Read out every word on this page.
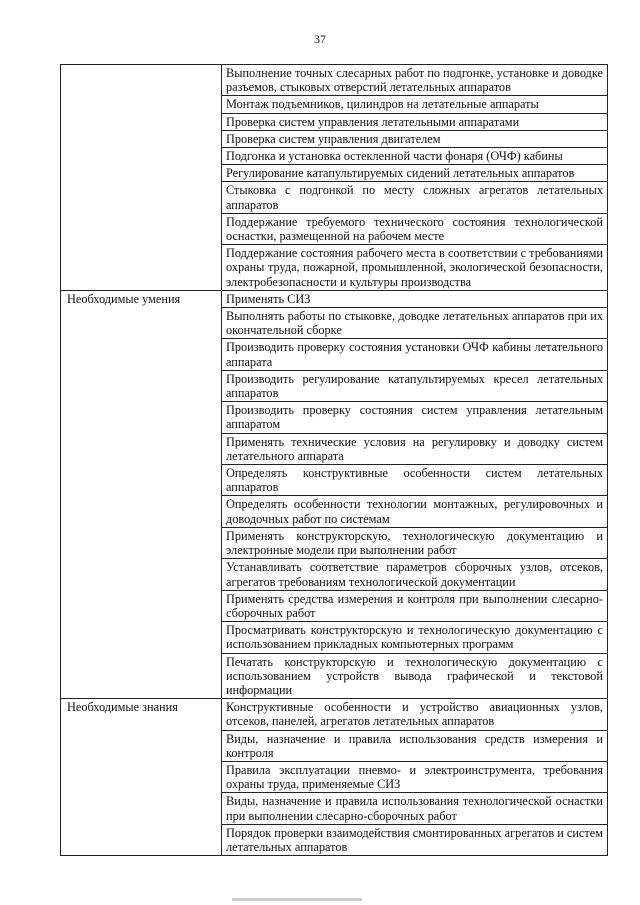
37
	Выполнение точных слесарных работ по подгонке, установке и доводке разъемов, стыковых отверстий летательных аппаратов
	Монтаж подъемников, цилиндров на летательные аппараты
	Проверка систем управления летательными аппаратами
	Проверка систем управления двигателем
	Подгонка и установка остекленной части фонаря (ОЧФ) кабины
	Регулирование катапультируемых сидений летательных аппаратов
	Стыковка с подгонкой по месту сложных агрегатов летательных аппаратов
	Поддержание требуемого технического состояния технологической оснастки, размещенной на рабочем месте
	Поддержание состояния рабочего места в соответствии с требованиями охраны труда, пожарной, промышленной, экологической безопасности, электробезопасности и культуры производства
Необходимые умения	Применять СИЗ
	Выполнять работы по стыковке, доводке летательных аппаратов при их окончательной сборке
	Производить проверку состояния установки ОЧФ кабины летательного аппарата
	Производить регулирование катапультируемых кресел летательных аппаратов
	Производить проверку состояния систем управления летательным аппаратом
	Применять технические условия на регулировку и доводку систем летательного аппарата
	Определять конструктивные особенности систем летательных аппаратов
	Определять особенности технологии монтажных, регулировочных и доводочных работ по системам
	Применять конструкторскую, технологическую документацию и электронные модели при выполнении работ
	Устанавливать соответствие параметров сборочных узлов, отсеков, агрегатов требованиям технологической документации
	Применять средства измерения и контроля при выполнении слесарно-сборочных работ
	Просматривать конструкторскую и технологическую документацию с использованием прикладных компьютерных программ
	Печатать конструкторскую и технологическую документацию с использованием устройств вывода графической и текстовой информации
Необходимые знания	Конструктивные особенности и устройство авиационных узлов, отсеков, панелей, агрегатов летательных аппаратов
	Виды, назначение и правила использования средств измерения и контроля
	Правила эксплуатации пневмо- и электроинструмента, требования охраны труда, применяемые СИЗ
	Виды, назначение и правила использования технологической оснастки при выполнении слесарно-сборочных работ
	Порядок проверки взаимодействия смонтированных агрегатов и систем летательных аппаратов
